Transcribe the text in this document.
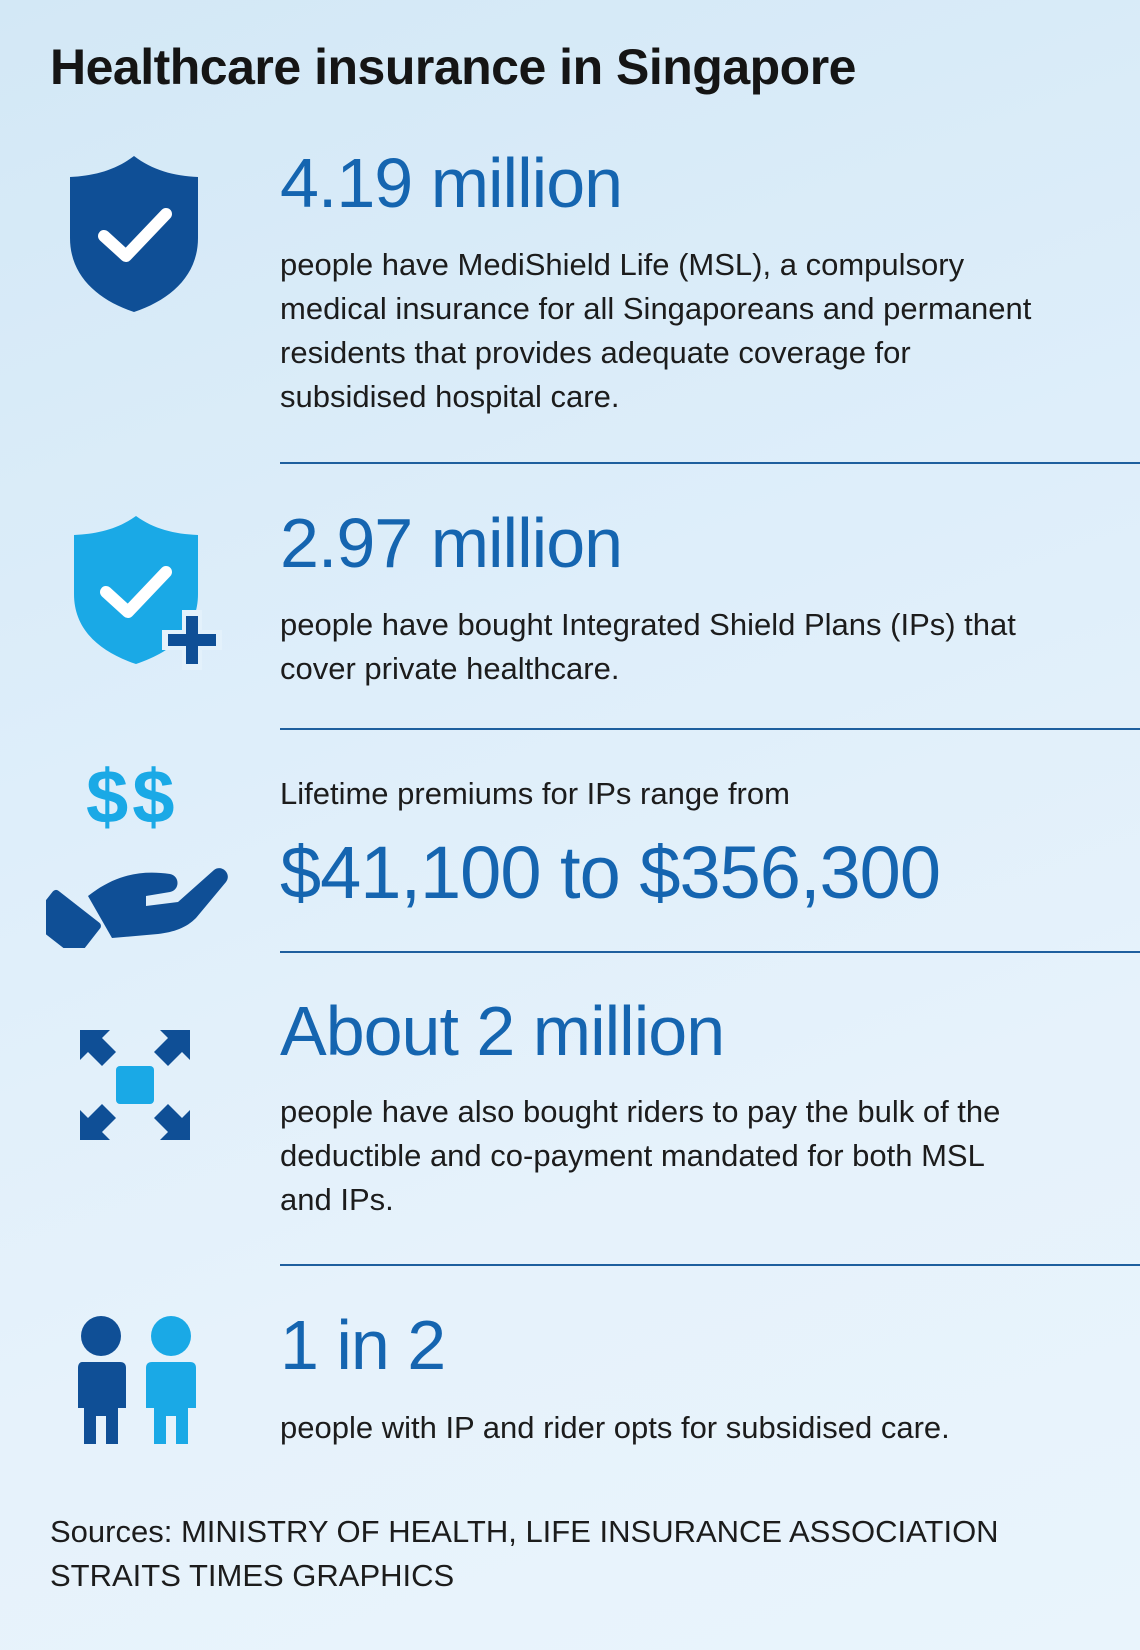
Healthcare insurance in Singapore
4.19 million
people have MediShield Life (MSL), a compulsory medical insurance for all Singaporeans and permanent residents that provides adequate coverage for subsidised hospital care.
2.97 million
people have bought Integrated Shield Plans (IPs) that cover private healthcare.
$$	Lifetime premiums for IPs range from
$41,100 to $356,300
About 2 million
people have also bought riders to pay the bulk of the deductible and co-payment mandated for both MSL and IPs.
1 in 2
people with IP and rider opts for subsidised care.
Sources: MINISTRY OF HEALTH, LIFE INSURANCE ASSOCIATION
STRAITS TIMES GRAPHICS
